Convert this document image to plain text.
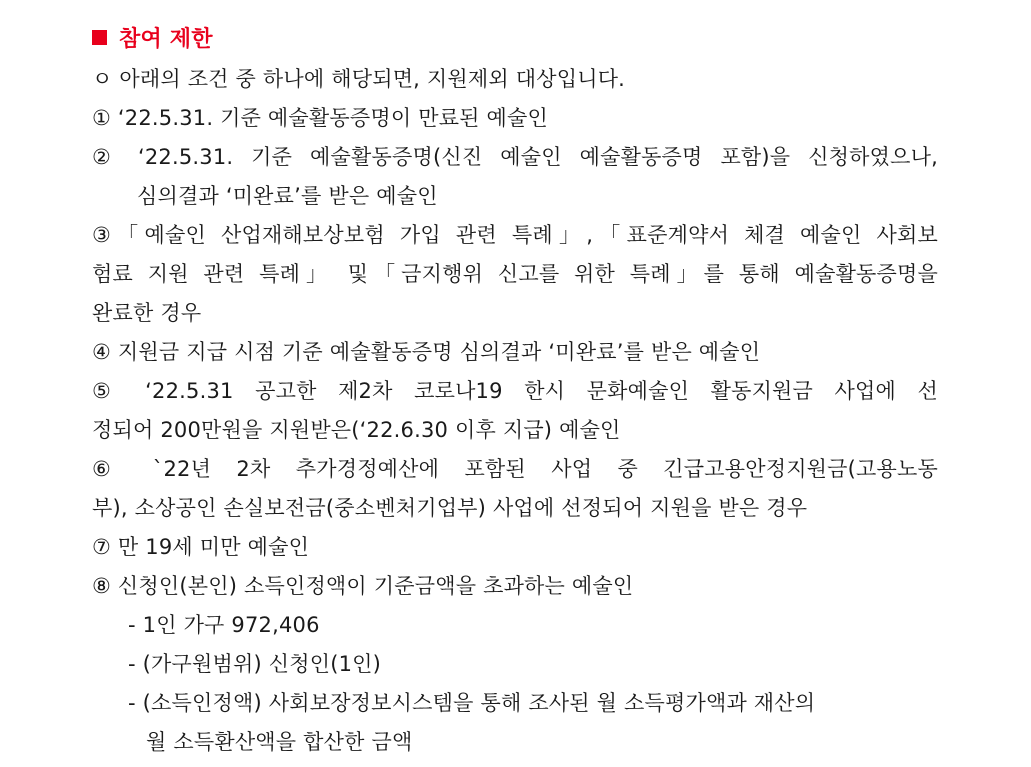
참여 제한
ㅇ 아래의 조건 중 하나에 해당되면, 지원제외 대상입니다.
① ‘22.5.31. 기준 예술활동증명이 만료된 예술인
② ‘22.5.31. 기준 예술활동증명(신진 예술인 예술활동증명 포함)을 신청하였으나,
심의결과 ‘미완료’를 받은 예술인
③「예술인 산업재해보상보험 가입 관련 특례」,「표준계약서 체결 예술인 사회보
험료 지원 관련 특례」 및「금지행위 신고를 위한 특례」를 통해 예술활동증명을
완료한 경우
④ 지원금 지급 시점 기준 예술활동증명 심의결과 ‘미완료’를 받은 예술인
⑤ ‘22.5.31 공고한 제2차 코로나19 한시 문화예술인 활동지원금 사업에 선
정되어 200만원을 지원받은(‘22.6.30 이후 지급) 예술인
⑥ `22년 2차 추가경정예산에 포함된 사업 중 긴급고용안정지원금(고용노동
부), 소상공인 손실보전금(중소벤처기업부) 사업에 선정되어 지원을 받은 경우
⑦ 만 19세 미만 예술인
⑧ 신청인(본인) 소득인정액이 기준금액을 초과하는 예술인
- 1인 가구 972,406
- (가구원범위) 신청인(1인)
- (소득인정액) 사회보장정보시스템을 통해 조사된 월 소득평가액과 재산의
월 소득환산액을 합산한 금액
